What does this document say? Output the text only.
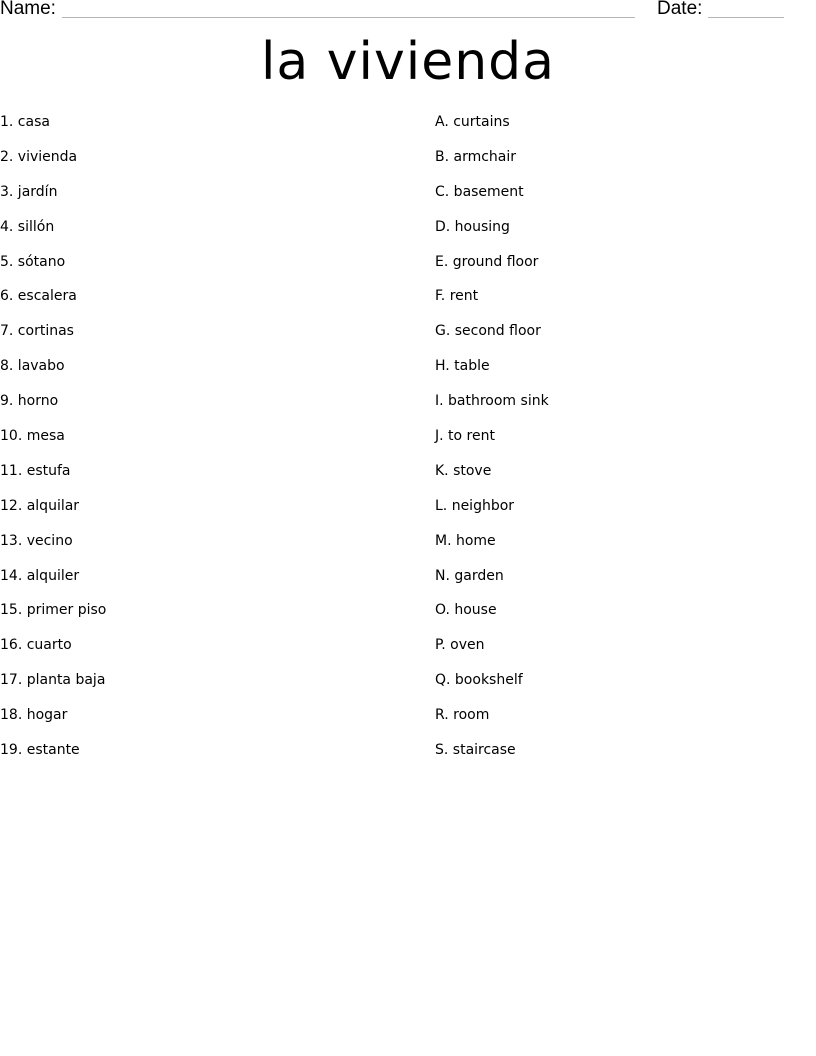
Name:	Date:
la vivienda
1. casa
2. vivienda
3. jardín
4. sillón
5. sótano
6. escalera
7. cortinas
8. lavabo
9. horno
10. mesa
11. estufa
12. alquilar
13. vecino
14. alquiler
15. primer piso
16. cuarto
17. planta baja
18. hogar
19. estante
A. curtains
B. armchair
C. basement
D. housing
E. ground floor
F. rent
G. second floor
H. table
I. bathroom sink
J. to rent
K. stove
L. neighbor
M. home
N. garden
O. house
P. oven
Q. bookshelf
R. room
S. staircase
